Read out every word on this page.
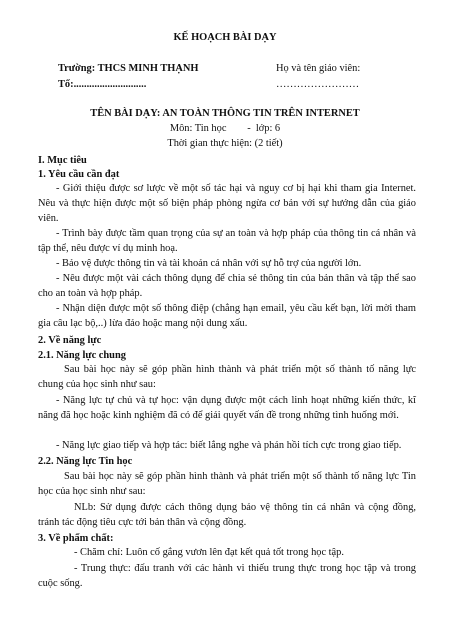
KẾ HOẠCH BÀI DẠY
Trường: THCS MINH THẠNH
Tổ:............................
Họ và tên giáo viên:
……………………
TÊN BÀI DẠY: AN TOÀN THÔNG TIN TRÊN INTERNET
Môn: Tin học        -  lớp: 6
Thời gian thực hiện: (2 tiết)
I. Mục tiêu
1. Yêu cầu cần đạt
- Giới thiệu được sơ lược về một số tác hại và nguy cơ bị hại khi tham gia Internet. Nêu và thực hiện được một số biện pháp phòng ngừa cơ bản với sự hướng dẫn của giáo viên.
- Trình bày được tầm quan trọng của sự an toàn và hợp pháp của thông tin cá nhân và tập thể, nêu được ví dụ minh hoạ.
- Bảo vệ được thông tin và tài khoản cá nhân với sự hỗ trợ của người lớn.
- Nêu được một vài cách thông dụng để chia sẻ thông tin của bản thân và tập thể sao cho an toàn và hợp pháp.
- Nhận diện được một số thông điệp (chẳng hạn email, yêu cầu kết bạn, lời mời tham gia câu lạc bộ,..) lừa đảo hoặc mang nội dung xấu.
2. Về năng lực
2.1. Năng lực chung
Sau bài học này sẽ góp phần hình thành và phát triển một số thành tố năng lực chung của học sinh như sau:
- Năng lực tự chủ và tự học: vận dụng được một cách linh hoạt những kiến thức, kĩ năng đã học hoặc kinh nghiệm đã có để giải quyết vấn đề trong những tình huống mới.
- Năng lực giao tiếp và hợp tác: biết lắng nghe và phản hồi tích cực trong giao tiếp.
2.2. Năng lực Tin học
Sau bài học này sẽ góp phần hình thành và phát triển một số thành tố năng lực Tin học của học sinh như sau:
NLb: Sử dụng được cách thông dụng bảo vệ thông tin cá nhân và cộng đồng, tránh tác động tiêu cực tới bản thân và cộng đồng.
3. Về phẩm chất:
- Chăm chỉ: Luôn cố gắng vươn lên đạt kết quả tốt trong học tập.
- Trung thực: đấu tranh với các hành vi thiếu trung thực trong học tập và trong cuộc sống.
